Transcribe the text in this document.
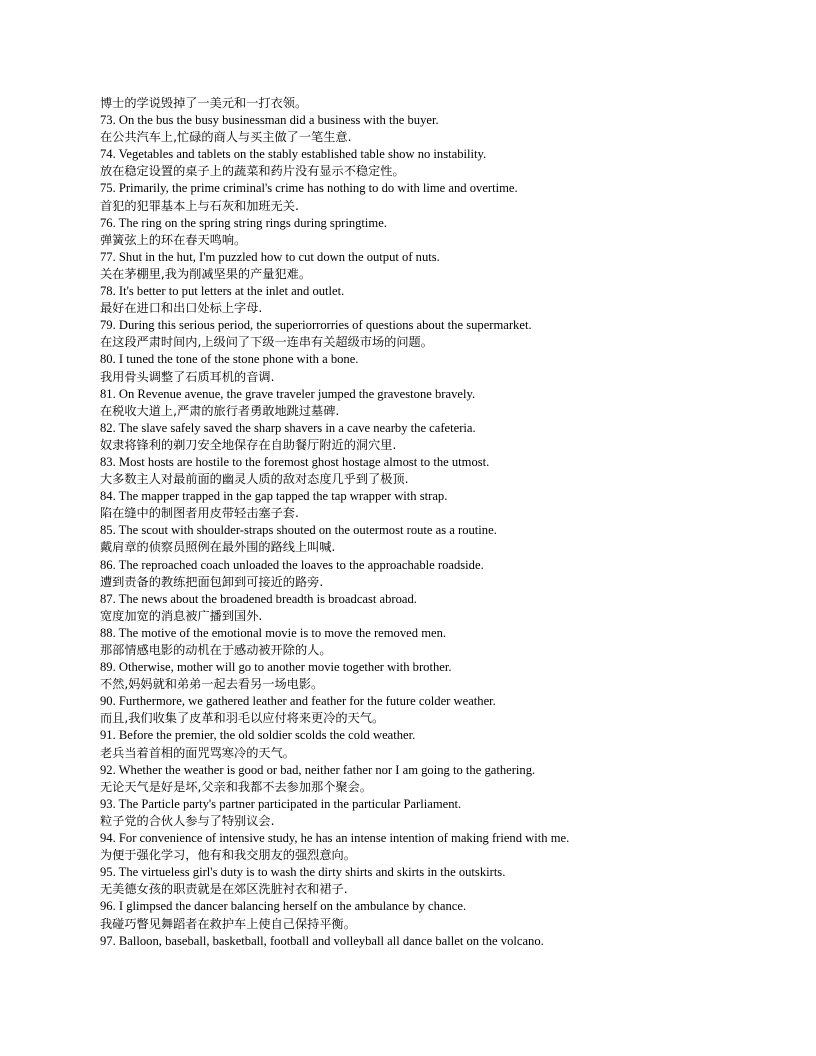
博士的学说毁掉了一美元和一打衣领。
73. On the bus the busy businessman did a business with the buyer.
在公共汽车上,忙碌的商人与买主做了一笔生意.
74. Vegetables and tablets on the stably established table show no instability.
放在稳定设置的桌子上的蔬菜和药片没有显示不稳定性。
75. Primarily, the prime criminal's crime has nothing to do with lime and overtime.
首犯的犯罪基本上与石灰和加班无关.
76. The ring on the spring string rings during springtime.
弹簧弦上的环在春天鸣响。
77. Shut in the hut, I'm puzzled how to cut down the output of nuts.
关在茅棚里,我为削减坚果的产量犯难。
78. It's better to put letters at the inlet and outlet.
最好在进口和出口处标上字母.
79. During this serious period, the superiorrorries of questions about the supermarket.
在这段严肃时间内,上级问了下级一连串有关超级市场的问题。
80. I tuned the tone of the stone phone with a bone.
我用骨头调整了石质耳机的音调.
81. On Revenue avenue, the grave traveler jumped the gravestone bravely.
在税收大道上,严肃的旅行者勇敢地跳过墓碑.
82. The slave safely saved the sharp shavers in a cave nearby the cafeteria.
奴隶将锋利的剃刀安全地保存在自助餐厅附近的洞穴里.
83. Most hosts are hostile to the foremost ghost hostage almost to the utmost.
大多数主人对最前面的幽灵人质的敌对态度几乎到了极顶.
84. The mapper trapped in the gap tapped the tap wrapper with strap.
陷在缝中的制图者用皮带轻击塞子套.
85. The scout with shoulder-straps shouted on the outermost route as a routine.
戴肩章的侦察员照例在最外围的路线上叫喊.
86. The reproached coach unloaded the loaves to the approachable roadside.
遭到责备的教练把面包卸到可接近的路旁.
87. The news about the broadened breadth is broadcast abroad.
宽度加宽的消息被广播到国外.
88. The motive of the emotional movie is to move the removed men.
那部情感电影的动机在于感动被开除的人。
89. Otherwise, mother will go to another movie together with brother.
不然,妈妈就和弟弟一起去看另一场电影。
90. Furthermore, we gathered leather and feather for the future colder weather.
而且,我们收集了皮革和羽毛以应付将来更冷的天气。
91. Before the premier, the old soldier scolds the cold weather.
老兵当着首相的面咒骂寒冷的天气。
92. Whether the weather is good or bad, neither father nor I am going to the gathering.
无论天气是好是坏,父亲和我都不去参加那个聚会。
93. The Particle party's partner participated in the particular Parliament.
粒子党的合伙人参与了特别议会.
94. For convenience of intensive study, he has an intense intention of making friend with me.
为便于强化学习，他有和我交朋友的强烈意向。
95. The virtueless girl's duty is to wash the dirty shirts and skirts in the outskirts.
无美德女孩的职责就是在郊区洗脏衬衣和裙子.
96. I glimpsed the dancer balancing herself on the ambulance by chance.
我碰巧瞥见舞蹈者在救护车上使自己保持平衡。
97. Balloon, baseball, basketball, football and volleyball all dance ballet on the volcano.
